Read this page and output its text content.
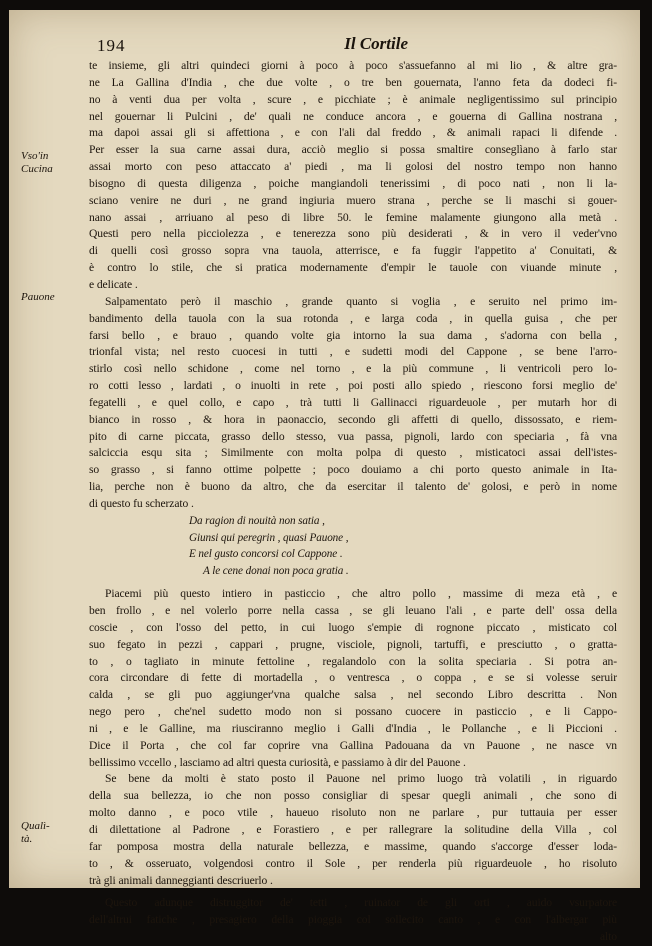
194	Il Cortile
Vso'in
Cucina
Pauone
Qualì-
tà.
te insieme, gli altri quindeci giorni à poco à poco s'assuefanno al mi lio , & altre gra-
ne La Gallina d'India , che due volte , o tre ben gouernata, l'anno feta da dodeci fi-
no à venti dua per volta , scure , e picchiate ; è animale negligentissimo sul principio
nel gouernar li Pulcini , de' quali ne conduce ancora , e gouerna di Gallina nostrana ,
ma dapoi assai gli si affettiona , e con l'ali dal freddo , & animali rapaci li difende .
Per esser la sua carne assai dura, acciò meglio si possa smaltire conseglìano à farlo star
assai morto con peso attaccato a' piedi , ma li golosi del nostro tempo non hanno
bisogno di questa diligenza , poiche mangiandoli tenerissimi , di poco nati , non li la-
sciano venire ne duri , ne grand ingiuria muero strana , perche se li maschi si gouer-
nano assai , arriuano al peso di libre 50. le femine malamente giungono alla metà .
Questi pero nella picciolezza , e tenerezza sono più desiderati , & in vero il veder'vno
di quelli così grosso sopra vna tauola, atterrisce, e fa fuggir l'appetito a' Conuitati, &
è contro lo stile, che si pratica modernamente d'empir le tauole con viuande minute ,
e delicate .
Salpamentato però il maschio , grande quanto si voglia , e seruito nel primo im-
bandimento della tauola con la sua rotonda , e larga coda , in quella guisa , che per
farsi bello , e brauo , quando volte gia intorno la sua dama , s'adorna con bella ,
trionfal vista; nel resto cuocesi in tutti , e sudetti modi del Cappone , se bene l'arro-
stirlo così nello schidone , come nel torno , e la più commune , li ventricoli pero lo-
ro cotti lesso , lardati , o inuolti in rete , poi posti allo spiedo , riescono forsi meglio de'
fegatelli , e quel collo, e capo , trà tutti li Gallinacci riguardeuole , per mutarh hor di
bianco in rosso , & hora in paonaccio, secondo gli affetti di quello, dissossato, e riem-
pito di carne piccata, grasso dello stesso, vua passa, pignoli, lardo con speciaria , fà vna
salciccia esqu sita ; Similmente con molta polpa di questo , misticatoci assai dell'istes-
so grasso , si fanno ottime polpette ; poco douiamo a chi porto questo animale in Ita-
lia, perche non è buono da altro, che da esercitar il talento de' golosi, e però in nome
di questo fu scherzato .
Da ragion di nouità non satia ,
Giunsi qui peregrin , quasi Pauone ,
E nel gusto concorsi col Cappone .
A le cene donai non poca gratia .
Piacemi più questo intiero in pasticcio , che altro pollo , massime di meza età , e
ben frollo , e nel volerlo porre nella cassa , se gli leuano l'ali , e parte dell' ossa della
coscie , con l'osso del petto, in cui luogo s'empie di rognone piccato , misticato col
suo fegato in pezzi , cappari , prugne, visciole, pignoli, tartuffi, e presciutto , o gratta-
to , o tagliato in minute fettoline , regalandolo con la solita speciaria . Si potra an-
cora circondare di fette di mortadella , o ventresca , o coppa , e se si volesse seruir
calda , se gli puo aggiunger'vna qualche salsa , nel secondo Libro descritta . Non
nego pero , che'nel sudetto modo non si possano cuocere in pasticcio , e li Cappo-
ni , e le Galline, ma riusciranno meglio i Galli d'India , le Pollanche , e li Piccioni .
Dice il Porta , che col far coprire vna Gallina Padouana da vn Pauone , ne nasce vn
bellissimo vccello , lasciamo ad altri questa curiosità, e passiamo à dir del Pauone .
Se bene da molti è stato posto il Pauone nel primo luogo trà volatili , in riguardo
della sua bellezza, io che non posso consigliar di spesar quegli animali , che sono di
molto danno , e poco vtile , haueuo risoluto non ne parlare , pur tuttauia per esser
di dilettatione al Padrone , e Forastiero , e per rallegrare la solitudine della Villa , col
far pomposa mostra della naturale bellezza, e massime, quando s'accorge d'esser loda-
to , & osseruato, volgendosi contro il Sole , per renderla più riguardeuole , ho risoluto
trà gli animali danneggianti descriuerlo .
Questo adunque distruggitor de' tetti , ruinator de gli orti , auido vsurpatore
dell'altrui fatiche , presagiero della pioggia col sollecito canto , e con l'albergar più
alto
